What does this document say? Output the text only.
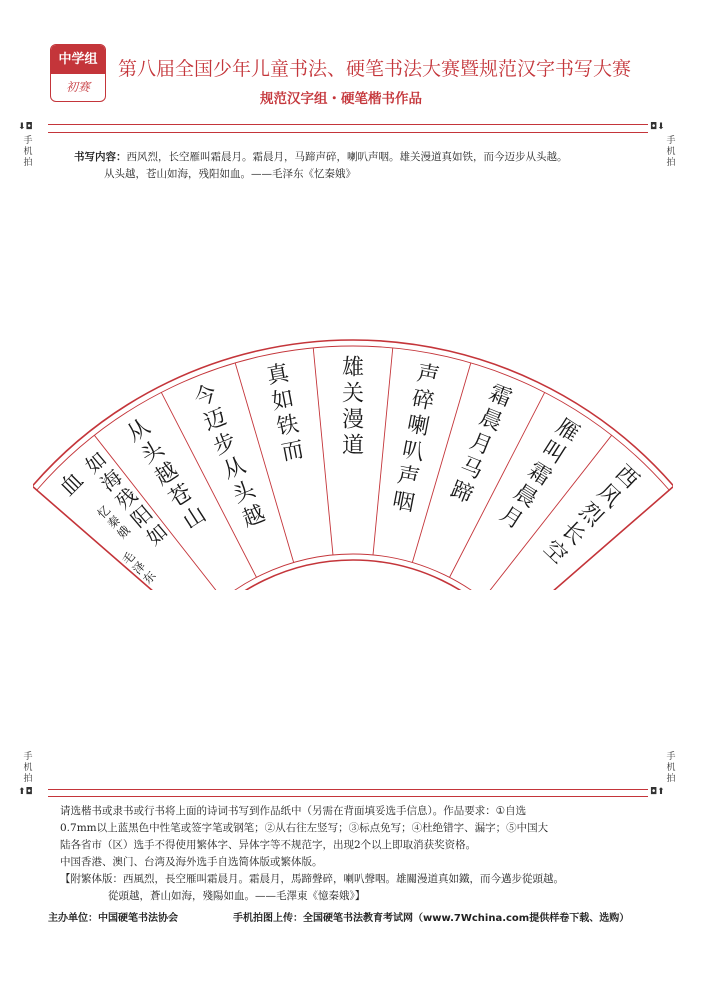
中学组
初赛
第八届全国少年儿童书法、硬笔书法大赛暨规范汉字书写大赛
规范汉字组・硬笔楷书作品
⬇◘
手机拍
◘⬇
手机拍
书写内容：西风烈，长空雁叫霜晨月。霜晨月，马蹄声碎，喇叭声咽。雄关漫道真如铁，而今迈步从头越。
从头越，苍山如海，残阳如血。——毛泽东《忆秦娥》
西
风
烈
长
空
雁
叫
霜
晨
月
霜
晨
月
马
蹄
声
碎
喇
叭
声
咽
雄
关
漫
道
真
如
铁
而
今
迈
步
从
头
越
从
头
越
苍
山
如
海
残
阳
如
血
忆
秦
娥
毛
泽
东
手机拍
⬆◘
手机拍
◘⬆
请选楷书或隶书或行书将上面的诗词书写到作品纸中（另需在背面填妥选手信息）。作品要求：①自选
0.7mm以上蓝黑色中性笔或签字笔或钢笔；②从右往左竖写；③标点免写；④杜绝错字、漏字；⑤中国大
陆各省市（区）选手不得使用繁体字、异体字等不规范字，出现2个以上即取消获奖资格。
中国香港、澳门、台湾及海外选手自选简体版或繁体版。
【附繁体版：西風烈，長空雁叫霜晨月。霜晨月，馬蹄聲碎，喇叭聲咽。雄關漫道真如鐵，而今邁步從頭越。
從頭越，蒼山如海，殘陽如血。——毛澤東《憶秦娥》】
主办单位：中国硬笔书法协会	手机拍图上传：全国硬笔书法教育考试网（www.7Wchina.com提供样卷下载、选购）
